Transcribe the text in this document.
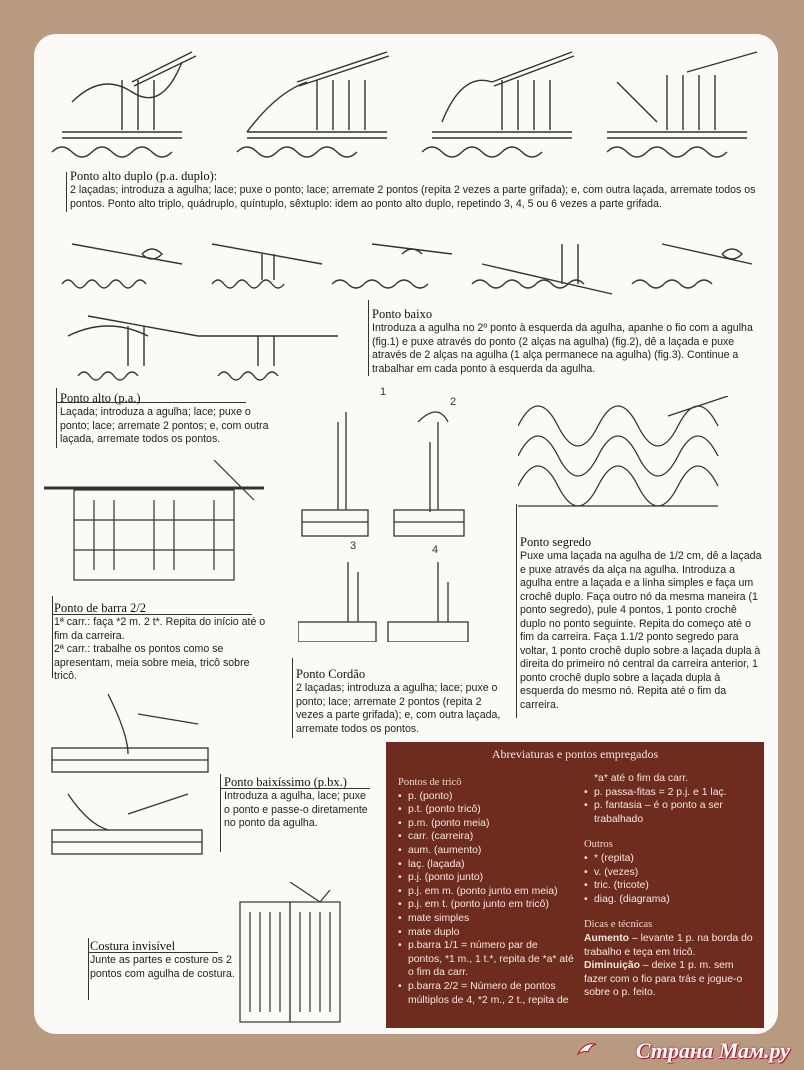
Ponto alto duplo (p.a. duplo):
2 laçadas; introduza a agulha; lace; puxe o ponto; lace; arremate 2 pontos (repita 2 vezes a parte grifada); e, com outra laçada, arremate todos os pontos. Ponto alto triplo, quádruplo, quíntuplo, sêxtuplo: idem ao ponto alto duplo, repetindo 3, 4, 5 ou 6 vezes a parte grifada.
Ponto baixo
Introduza a agulha no 2º ponto à esquerda da agulha, apanhe o fio com a agulha (fig.1) e puxe através do ponto (2 alças na agulha) (fig.2), dê a laçada e puxe através de 2 alças na agulha (1 alça permanece na agulha) (fig.3). Continue a trabalhar em cada ponto à esquerda da agulha.
Ponto alto (p.a.)
Laçada; introduza a agulha; lace; puxe o ponto; lace; arremate 2 pontos; e, com outra laçada, arremate todos os pontos.
1
2
3	4
Ponto de barra 2/2
1ª carr.: faça *2 m. 2 t*. Repita do início até o fim da carreira.
2ª carr.: trabalhe os pontos como se apresentam, meia sobre meia, tricô sobre tricô.
Ponto segredo
Puxe uma laçada na agulha de 1/2 cm, dê a laçada e puxe através da alça na agulha. Introduza a agulha entre a laçada e a linha simples e faça um crochê duplo. Faça outro nó da mesma maneira (1 ponto segredo), pule 4 pontos, 1 ponto crochê duplo no ponto seguinte. Repita do começo até o fim da carreira. Faça 1.1/2 ponto segredo para voltar, 1 ponto crochê duplo sobre a laçada dupla à direita do primeiro nó central da carreira anterior, 1 ponto crochê duplo sobre a laçada dupla à esquerda do mesmo nó. Repita até o fim da carreira.
Ponto Cordão
2 laçadas; introduza a agulha; lace; puxe o ponto; lace; arremate 2 pontos (repita 2 vezes a parte grifada); e, com outra laçada, arremate todos os pontos.
Ponto baixíssimo (p.bx.)
Introduza a agulha, lace; puxe o ponto e passe-o diretamente no ponto da agulha.
Costura invisível
Junte as partes e costure os 2 pontos com agulha de costura.
Abreviaturas e pontos empregados
Pontos de tricô
• p. (ponto)
• p.t. (ponto tricô)
• p.m. (ponto meia)
• carr. (carreira)
• aum. (aumento)
• laç. (laçada)
• p.j. (ponto junto)
• p.j. em m. (ponto junto em meia)
• p.j. em t. (ponto junto em tricô)
• mate simples
• mate duplo
• p.barra 1/1 = número par de pontos, *1 m., 1 t.*, repita de *a* até o fim da carr.
• p.barra 2/2 = Número de pontos múltiplos de 4, *2 m., 2 t., repita de
*a* até o fim da carr.
• p. passa-fitas = 2 p.j. e 1 laç.
• p. fantasia – é o ponto a ser trabalhado
Outros
• * (repita)
• v. (vezes)
• tric. (tricote)
• diag. (diagrama)
Dicas e técnicas
Aumento – levante 1 p. na borda do trabalho e teça em tricô.
Diminuição – deixe 1 p. m. sem fazer com o fio para trás e jogue-o sobre o p. feito.
Страна Мам.ру
